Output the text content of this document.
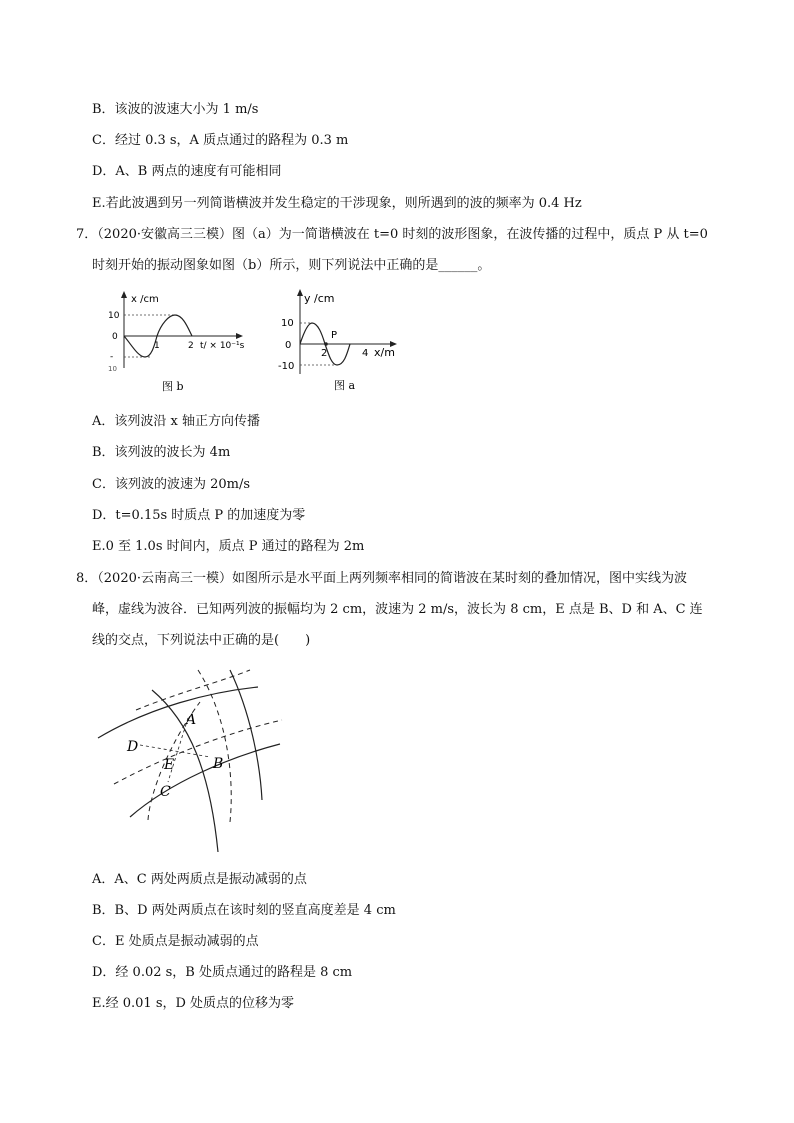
B．该波的波速大小为 1 m/s
C．经过 0.3 s，A 质点通过的路程为 0.3 m
D．A、B 两点的速度有可能相同
E.若此波遇到另一列简谐横波并发生稳定的干涉现象，则所遇到的波的频率为 0.4 Hz
7．（2020·安徽高三三模）图（a）为一简谐横波在 t=0 时刻的波形图象，在波传播的过程中，质点 P 从 t=0
时刻开始的振动图象如图（b）所示，则下列说法中正确的是______。
x /cm
10
0
-
10
1	2 t/ × 10⁻¹s
图 b
y /cm
10
0
-10
P
2	4 x/m
图 a
A．该列波沿 x 轴正方向传播
B．该列波的波长为 4m
C．该列波的波速为 20m/s
D．t=0.15s 时质点 P 的加速度为零
E.0 至 1.0s 时间内，质点 P 通过的路程为 2m
8．（2020·云南高三一模）如图所示是水平面上两列频率相同的简谐波在某时刻的叠加情况，图中实线为波
峰，虚线为波谷．已知两列波的振幅均为 2 cm，波速为 2 m/s，波长为 8 cm，E 点是 B、D 和 A、C 连
线的交点，下列说法中正确的是(　　)
A
B
C
D
E
A．A、C 两处两质点是振动减弱的点
B．B、D 两处两质点在该时刻的竖直高度差是 4 cm
C．E 处质点是振动减弱的点
D．经 0.02 s，B 处质点通过的路程是 8 cm
E.经 0.01 s，D 处质点的位移为零
